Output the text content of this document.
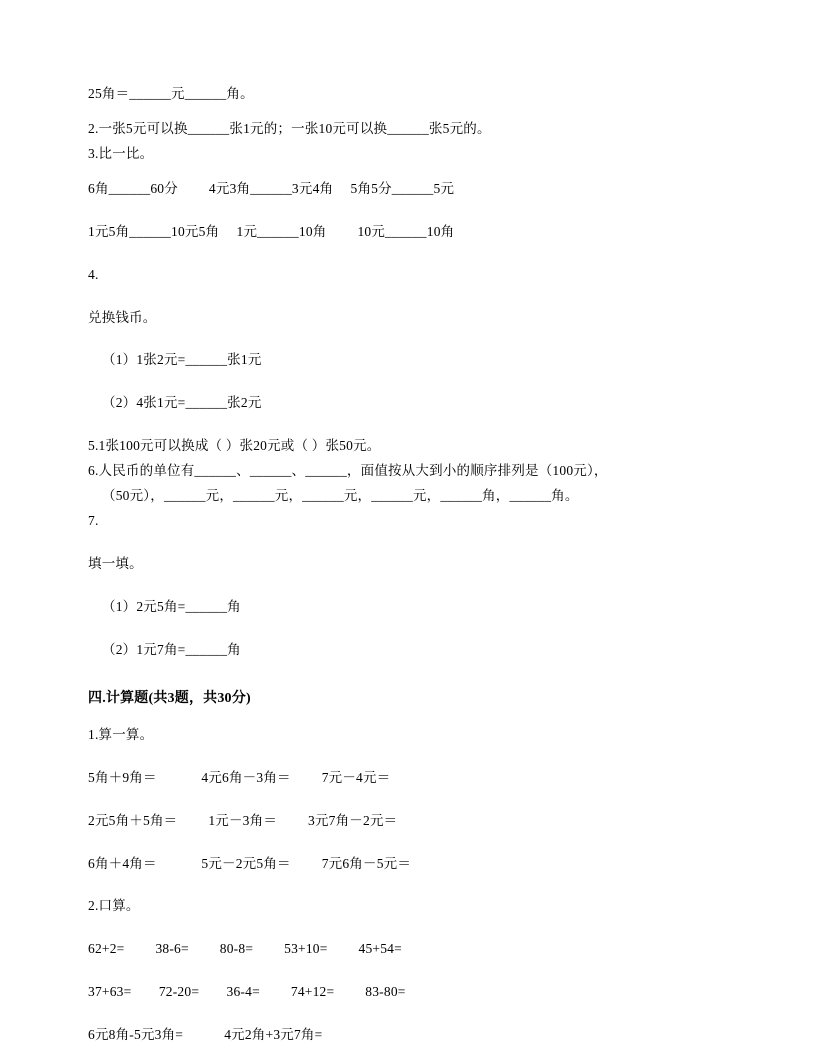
25角＝______元______角。

2.一张5元可以换______张1元的；一张10元可以换______张5元的。

3.比一比。

6角______60分　　 4元3角______3元4角　 5角5分______5元

1元5角______10元5角　 1元______10角　　 10元______10角

4.

兑换钱币。

（1）1张2元=______张1元

（2）4张1元=______张2元

5.1张100元可以换成（ ）张20元或（ ）张50元。

6.人民币的单位有______、______、______，面值按从大到小的顺序排列是（100元），

（50元），______元，______元，______元，______元，______角，______角。

7.

填一填。

（1）2元5角=______角

（2）1元7角=______角

四.计算题(共3题，共30分)

1.算一算。

5角＋9角＝　　　 4元6角－3角＝　　 7元－4元＝

2元5角＋5角＝　　 1元－3角＝　　 3元7角－2元＝

6角＋4角＝　　　 5元－2元5角＝　　 7元6角－5元＝

2.口算。

62+2=　　 38-6=　　 80-8=　　 53+10=　　 45+54=

37+63=　　72-20=　　36-4=　　 74+12=　　 83-80=

6元8角-5元3角=　　　4元2角+3元7角=
